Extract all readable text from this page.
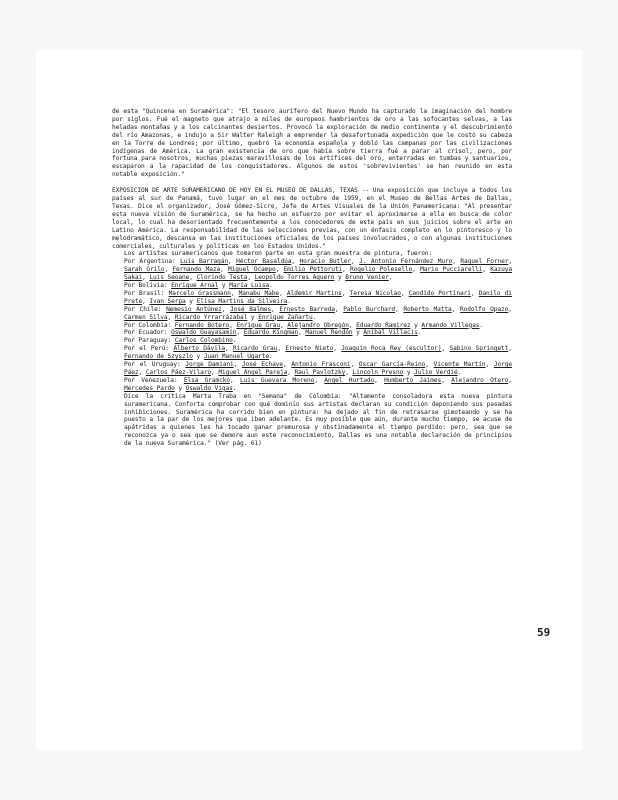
de esta "Quincena en Suramérica": "El tesoro aurífero del Nuevo Mundo ha capturado la imaginación del hombre por siglos. Fué el magneto que atrajo a miles de europeos hambrientos de oro a las sofocantes selvas, a las heladas montañas y a los calcinantes desiertos. Provocó la exploración de medio continente y el descubrimiento del río Amazonas, e indujo a Sir Walter Raleigh a emprender la desafortunada expedición que le costó su cabeza en la Torre de Londres; por último, quebró la economía española y dobló las campanas por las civilizaciones indígenas de América. La gran existencia de oro que había sobre tierra fué a parar al crisol, pero, por fortuna para nosotros, muchas piezas maravillosas de los artífices del oro, enterradas en tumbas y santuarios, escaparon a la rapacidad de los conquistadores. Algunos de estos 'sobrevivientes' se han reunido en esta notable exposición."

EXPOSICION DE ARTE SURAMERICANO DE HOY EN EL MUSEO DE DALLAS, TEXAS -- Una exposición que incluye a todos los países al sur de Panamá, tuvo lugar en el mes de octubre de 1959, en el Museo de Bellas Artes de Dallas, Texas. Dice el organizador, José Gómez-Sicre, Jefe de Artes Visuales de la Unión Panamericana: "Al presentar esta nueva visión de Suramérica, se ha hecho un esfuerzo por evitar el aproximarse a ella en busca de color local, lo cual ha desorientado frecuentemente a los conocedores de este país en sus juicios sobre el arte en Latino América. La responsabilidad de las selecciones previas, con un énfasis completo en lo pintoresco y lo melodramático, descansa en las instituciones oficiales de los países involucrados, o con algunas instituciones comerciales, culturales y políticas en los Estados Unidos."

Los artistas suramericanos que tomaron parte en esta gran muestra de pintura, fueron:

Por Argentina: Luis Barragán, Héctor Basaldúa, Horacio Butler, J. Antonio Fernández Muro, Raquel Forner, Sarah Grilo, Fernando Maza, Miguel Ocampo, Emilio Pettoruti, Rogelio Polesello, Mario Pucciarelli, Kazuya Sakai, Luis Seoane, Clorindo Testa, Leopoldo Torres Aguero y Bruno Venier.

Por Bolivia: Enrique Arnal y María Luisa.

Por Brasil: Marcelo Grassmann, Manabu Mabe, Aldemir Martins, Teresa Nicolao, Candido Portinari, Danilo di Prete, Ivan Serpa y Elisa Martins da Silveira.

Por Chile: Nemesio Antúnez, José Balmes, Ernesto Barreda, Pablo Burchard, Roberto Matta, Rodolfo Opazo, Carmen Silva, Ricardo Yrrarrázabal y Enrique Zañartu.

Por Colombia: Fernando Botero, Enrique Grau, Alejandro Obregón, Eduardo Ramírez y Armando Villegas.

Por Ecuador: Oswaldo Guayasamín, Eduardo Kingman, Manuel Rendón y Aníbal Villacís.

Por Paraguay: Carlos Colombino.

Por el Perú: Alberto Dávila, Ricardo Grau, Ernesto Nieto, Joaquín Roca Rey (escultor), Sabino Springett, Fernando de Szyszlo y Juan Manuel Ugarte.

Por el Uruguay: Jorge Damiani, José Echave, Antonio Frasconi, Oscar García-Reino, Vicente Martín, Jorge Páez, Carlos Páez-Vilaro, Miguel Angel Pareja, Raul Pavlotzky, Lincoln Presno y Julio Verdié.

Por Venezuela: Elsa Gramcko, Luis Guevara Moreno, Angel Hurtado, Humberto Jaimes, Alejandro Otero, Mercedes Pardo y Oswaldo Vigas.

Dice la crítica Marta Traba en "Semana" de Colombia: "Altamente consoladora esta nueva pintura suramericana. Conforta comprobar con qué dominio sus artistas declaran su condición deponiendo sus pasadas inhibiciones. Suramérica ha corrido bien en pintura: ha dejado al fin de retrasarse gimoteando y se ha puesto a la par de los mejores que iban adelante. Es muy posible que aún, durante mucho tiempo, se acuse de apátridas a quienes les ha tocado ganar premurosa y obstinadamente el tiempo perdido: pero, sea que se reconozca ya o sea que se demore aun este reconocimiento, Dallas es una notable declaración de principios de la nueva Suramérica." (Ver pág. 61)

59
